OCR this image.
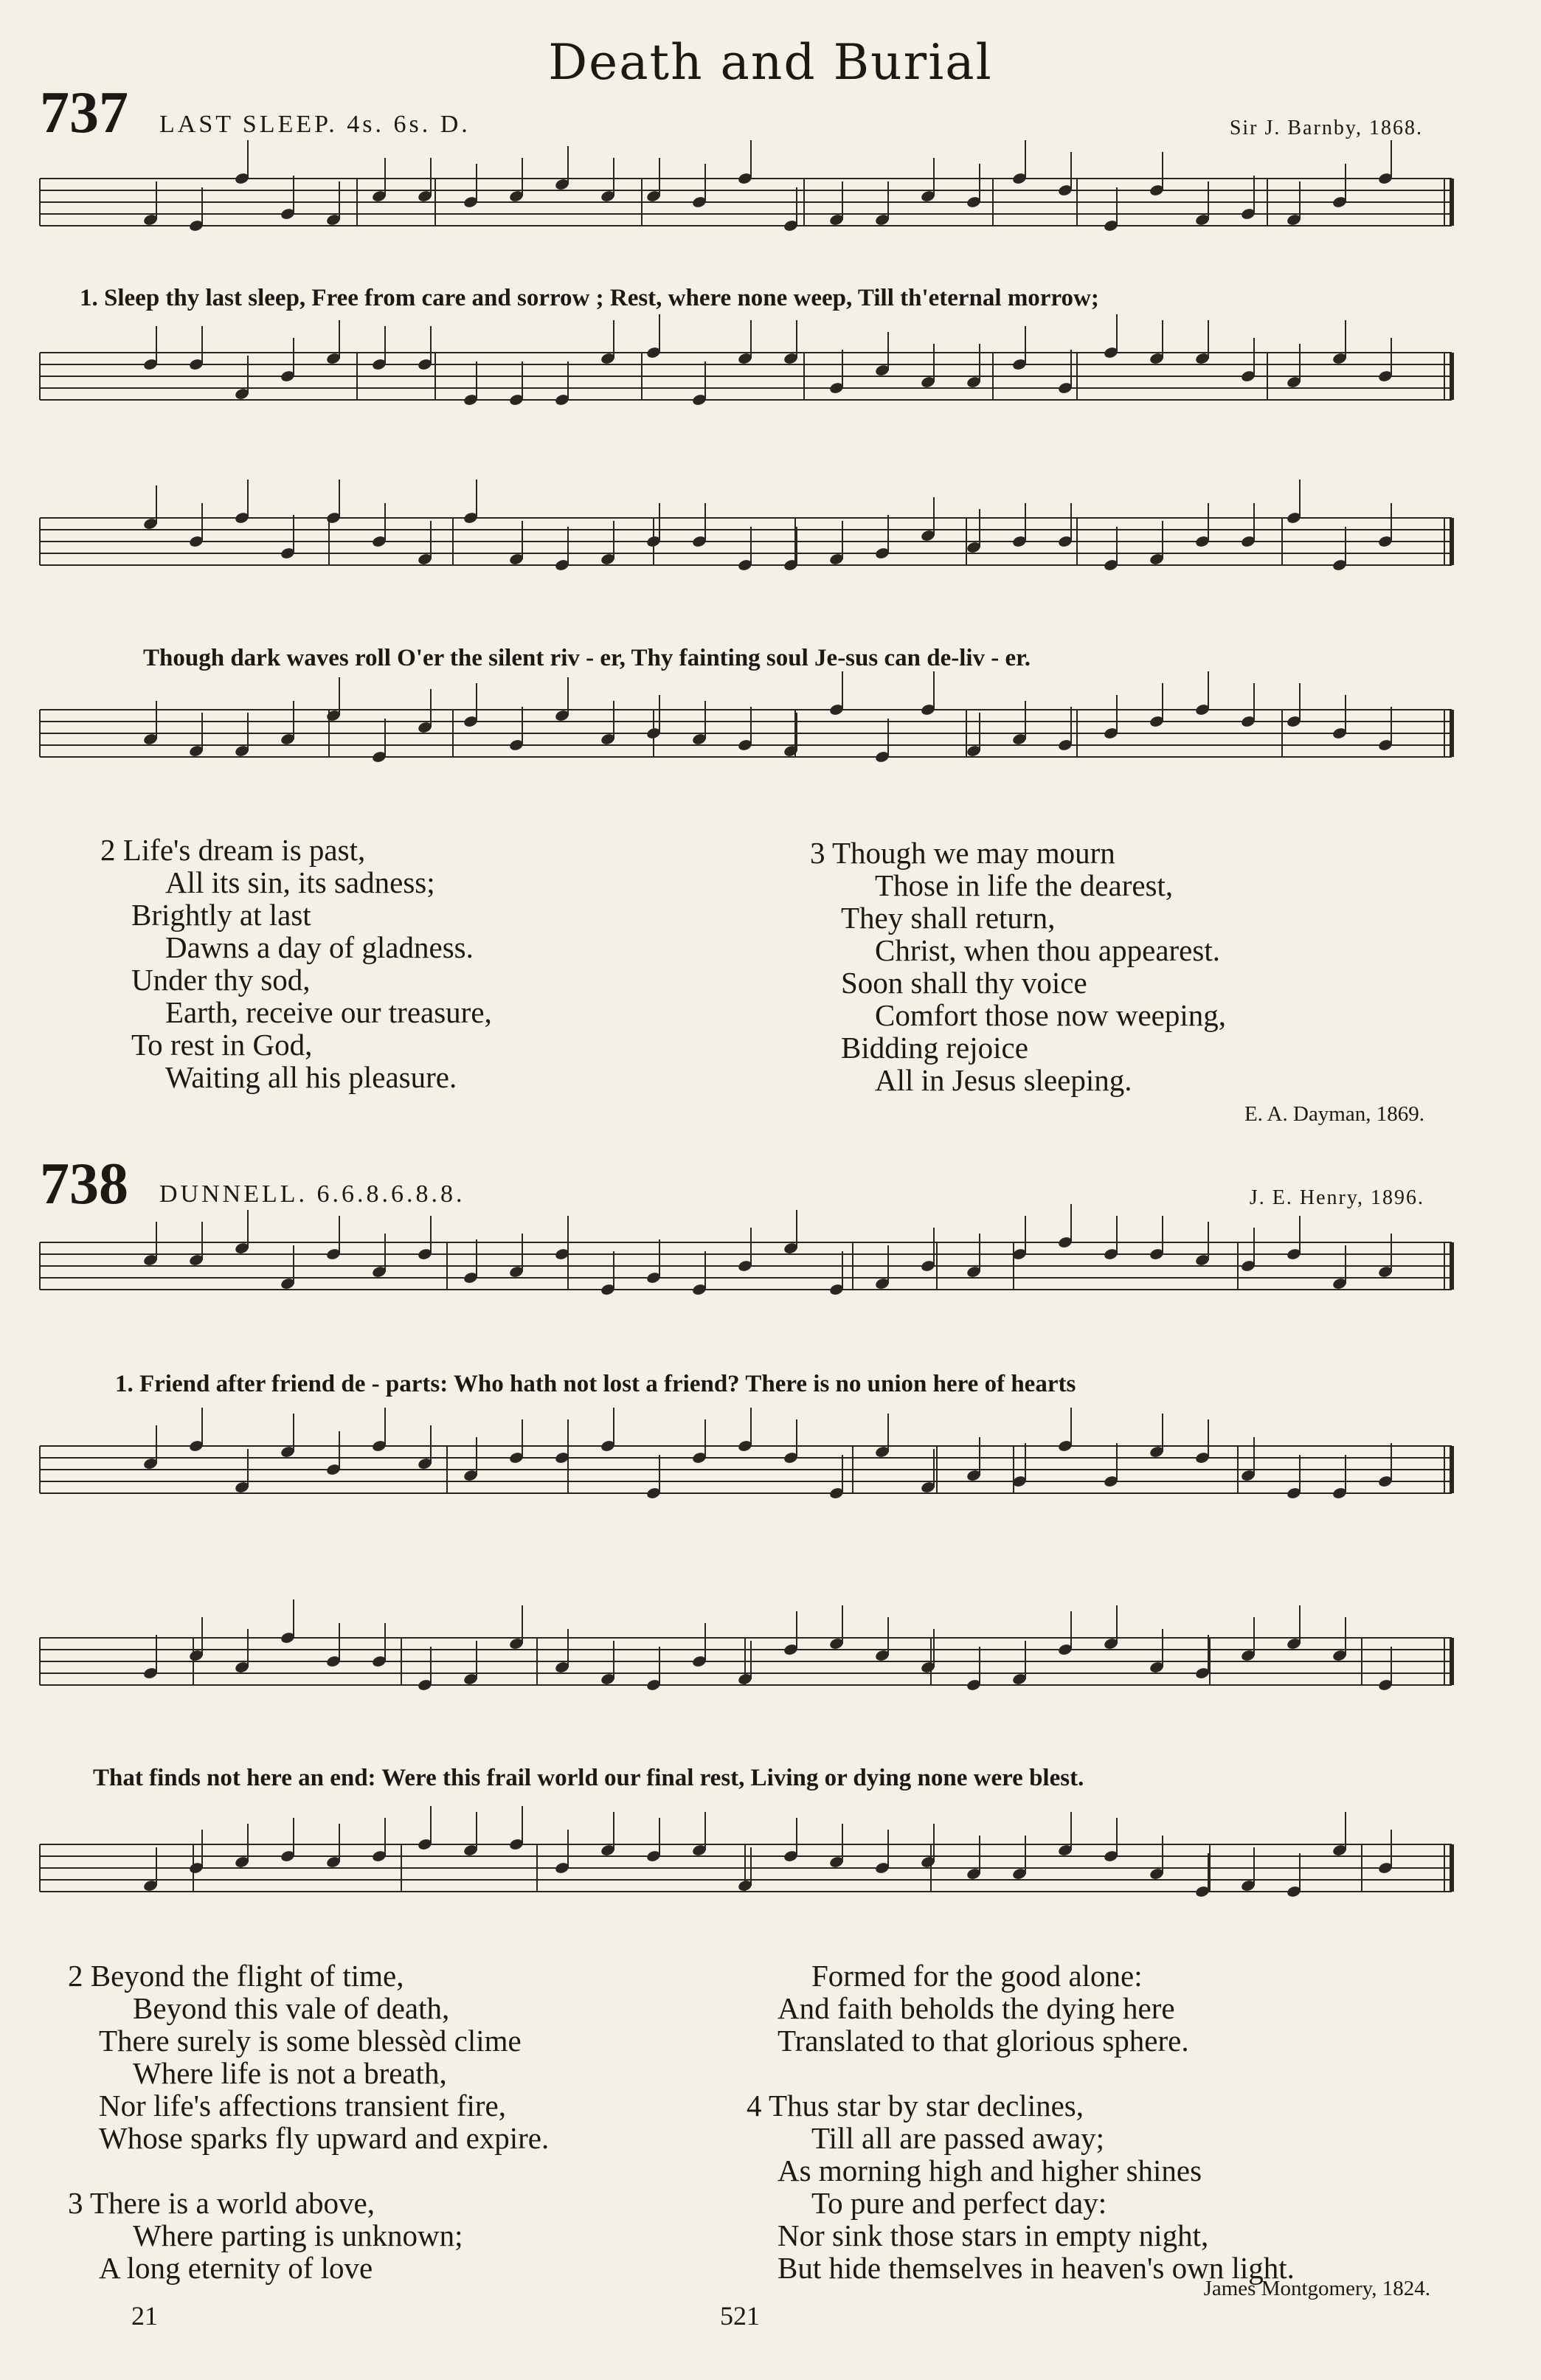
Death and Burial
737 LAST SLEEP. 4s. 6s. D.	Sir J. Barnby, 1868.
1. Sleep thy last sleep, Free from care and sorrow ; Rest, where none weep, Till th'eternal morrow;
Though dark waves roll O'er the silent riv - er, Thy fainting soul Je-sus can de-liv - er.
2 Life's dream is past,
All its sin, its sadness;
Brightly at last
Dawns a day of gladness.
Under thy sod,
Earth, receive our treasure,
To rest in God,
Waiting all his pleasure.
3 Though we may mourn
Those in life the dearest,
They shall return,
Christ, when thou appearest.
Soon shall thy voice
Comfort those now weeping,
Bidding rejoice
All in Jesus sleeping.
E. A. Dayman, 1869.
738 DUNNELL. 6.6.8.6.8.8.	J. E. Henry, 1896.
1. Friend after friend de - parts: Who hath not lost a friend? There is no union here of hearts
That finds not here an end: Were this frail world our final rest, Living or dying none were blest.
2 Beyond the flight of time,
Beyond this vale of death,
There surely is some blessèd clime
Where life is not a breath,
Nor life's affections transient fire,
Whose sparks fly upward and expire.
3 There is a world above,
Where parting is unknown;
A long eternity of love
Formed for the good alone:
And faith beholds the dying here
Translated to that glorious sphere.
4 Thus star by star declines,
Till all are passed away;
As morning high and higher shines
To pure and perfect day:
Nor sink those stars in empty night,
But hide themselves in heaven's own light.
James Montgomery, 1824.
21	521
